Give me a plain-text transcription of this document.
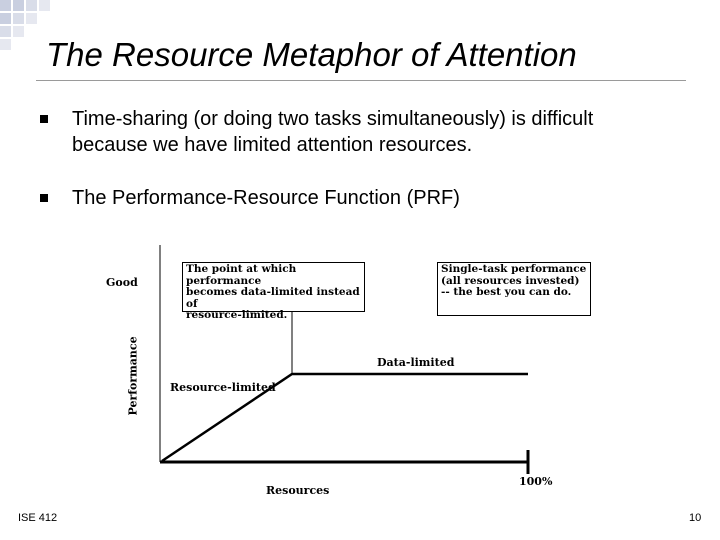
The Resource Metaphor of Attention
Time-sharing (or doing two tasks simultaneously) is difficult because we have limited attention resources.
The Performance-Resource Function (PRF)
Good
Performance
Resources
100%
Resource-limited
Data-limited
The point at which performance
becomes data-limited instead of
resource-limited.
Single-task performance
(all resources invested)
-- the best you can do.
ISE 412	10
